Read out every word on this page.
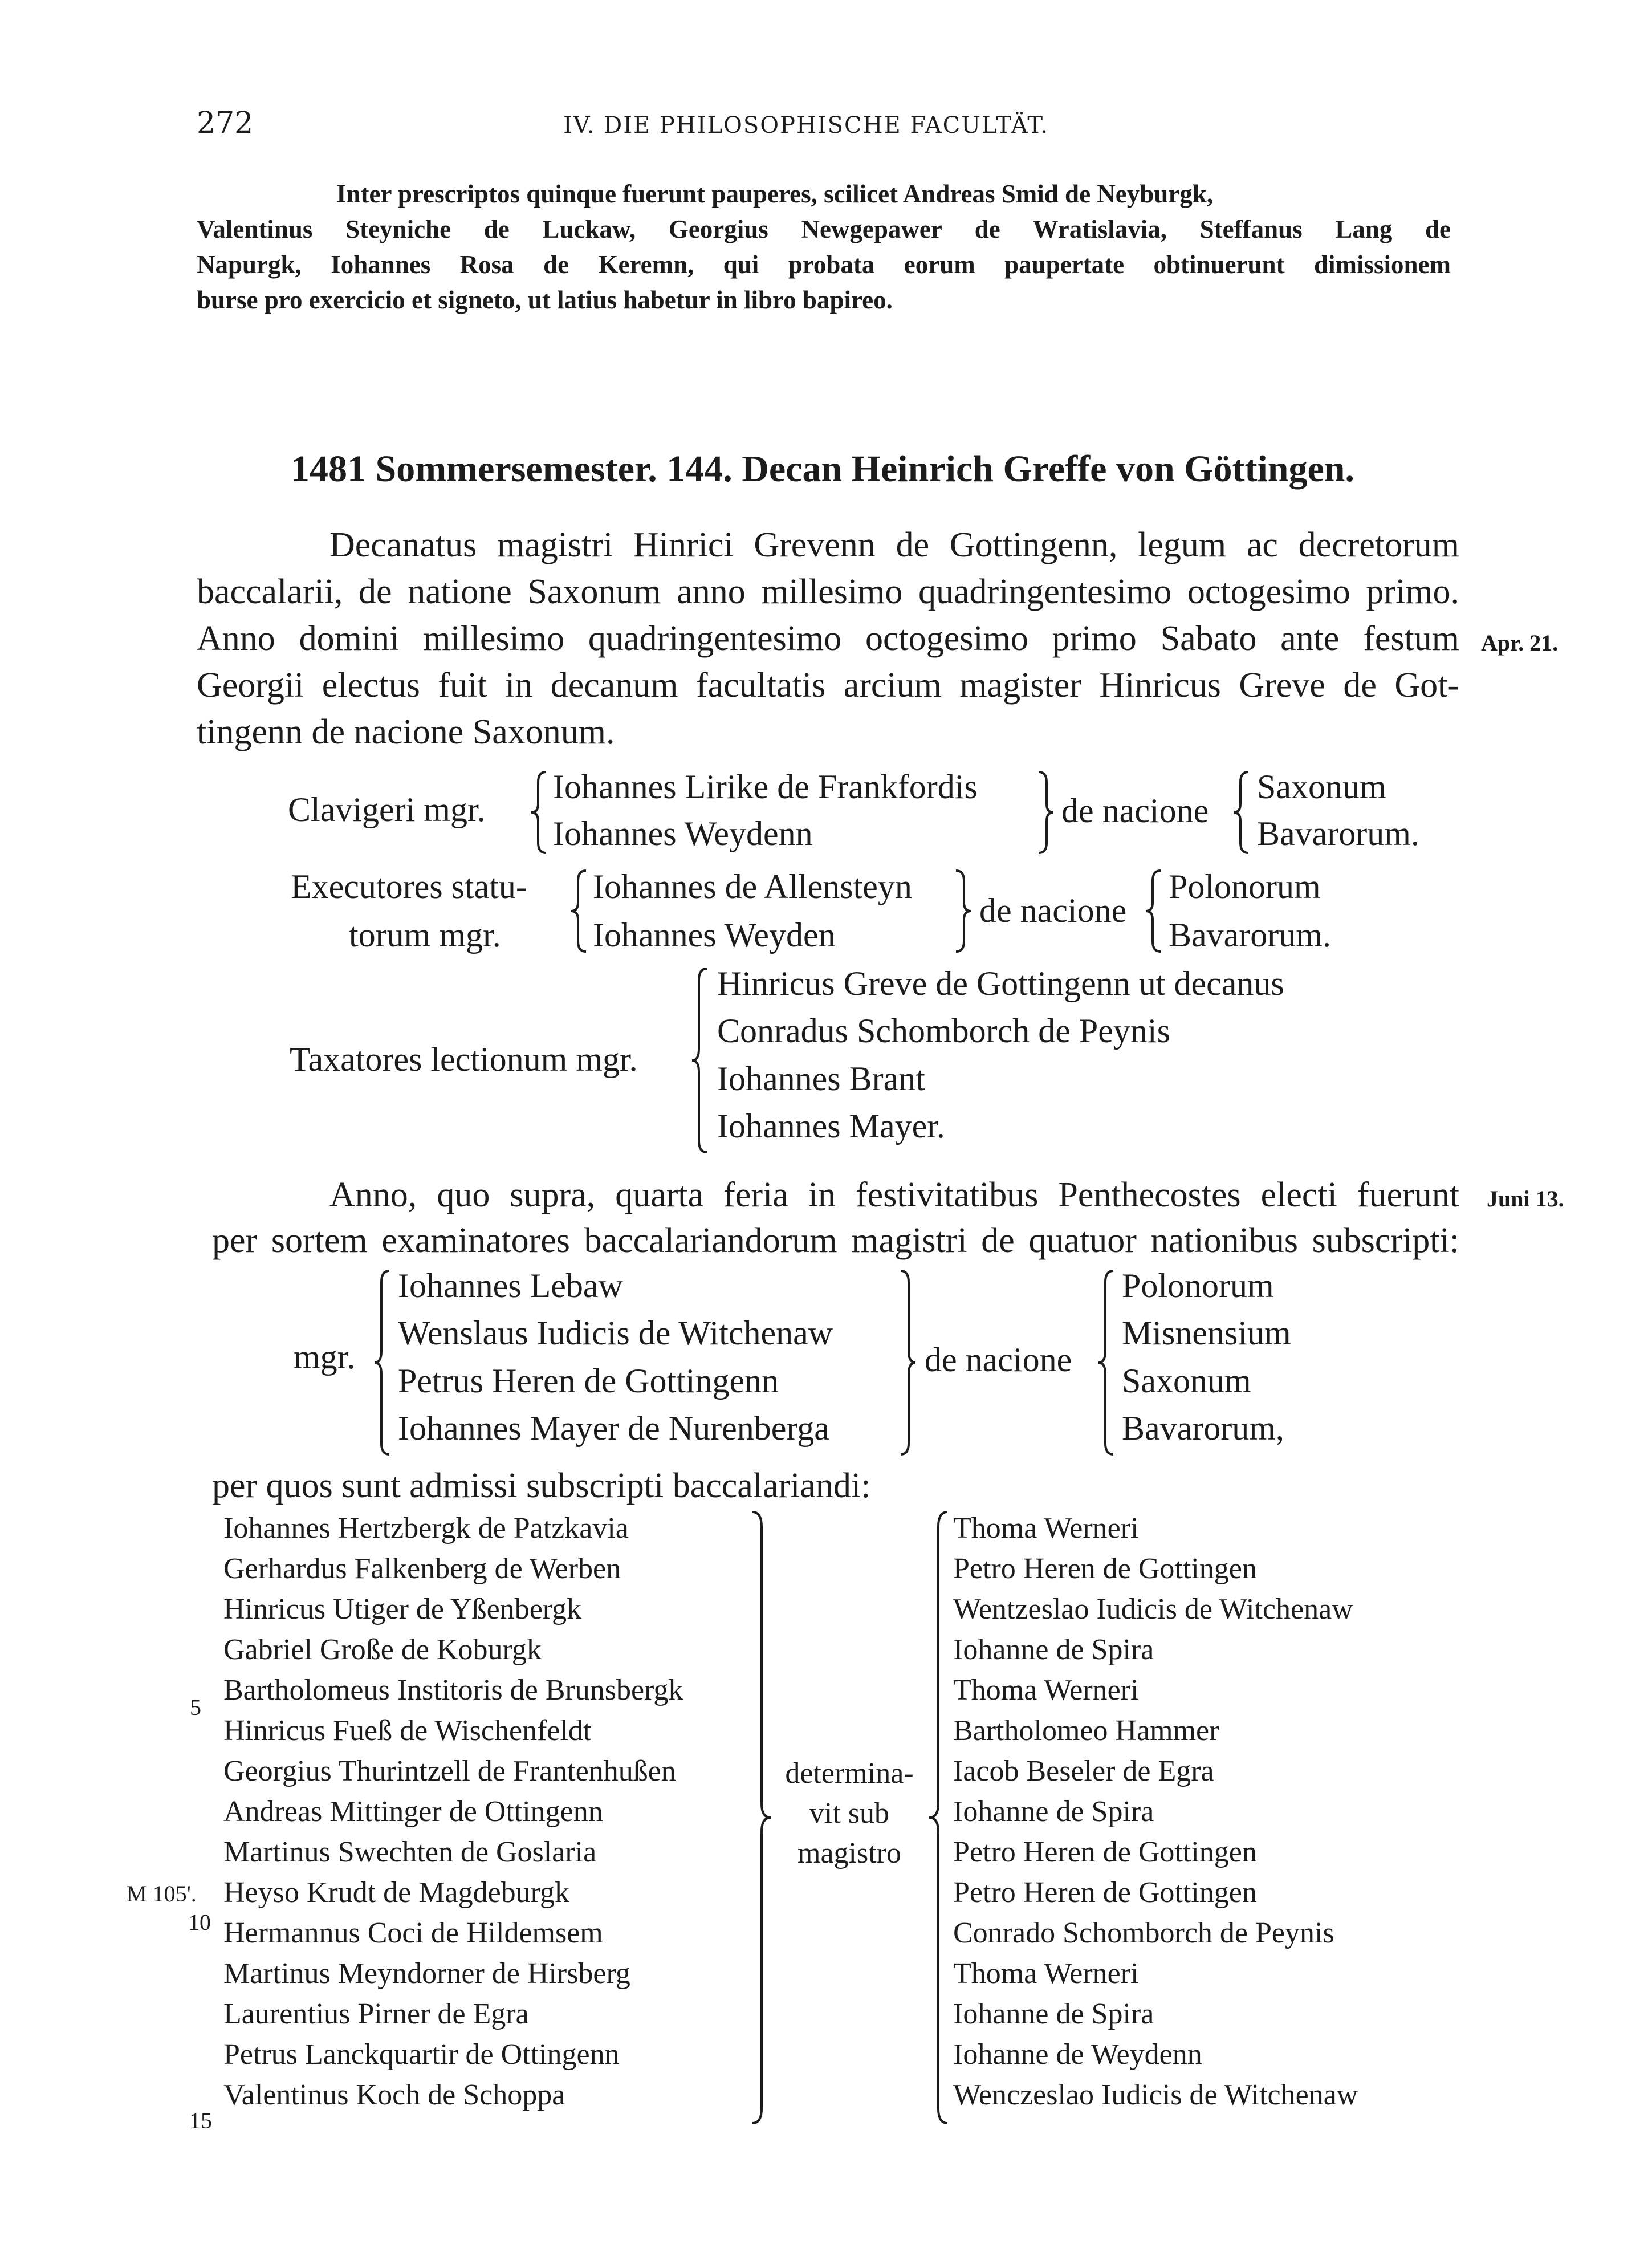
272	IV. DIE PHILOSOPHISCHE FACULTÄT.
Inter prescriptos quinque fuerunt pauperes, scilicet Andreas Smid de Neyburgk,
Valentinus Steyniche de Luckaw, Georgius Newgepawer de Wratislavia, Steffanus Lang de
Napurgk, Iohannes Rosa de Keremn, qui probata eorum paupertate obtinuerunt dimissionem
burse pro exercicio et signeto, ut latius habetur in libro bapireo.
1481 Sommersemester. 144. Decan Heinrich Greffe von Göttingen.
Decanatus magistri Hinrici Grevenn de Gottingenn, legum ac decretorum
baccalarii, de natione Saxonum anno millesimo quadringentesimo octogesimo primo.
Anno domini millesimo quadringentesimo octogesimo primo Sabato ante festum
Georgii electus fuit in decanum facultatis arcium magister Hinricus Greve de Got-
tingenn de nacione Saxonum.
Apr. 21.
Clavigeri mgr.
Iohannes Lirike de Frankfordis
Iohannes Weydenn
de nacione
Saxonum
Bavarorum.
Executores statu-
torum mgr.
Iohannes de Allensteyn
Iohannes Weyden
de nacione
Polonorum
Bavarorum.
Taxatores lectionum mgr.
Hinricus Greve de Gottingenn ut decanus
Conradus Schomborch de Peynis
Iohannes Brant
Iohannes Mayer.
Anno, quo supra, quarta feria in festivitatibus Penthecostes electi fuerunt
per sortem examinatores baccalariandorum magistri de quatuor nationibus subscripti:
Juni 13.
mgr.
Iohannes Lebaw
Wenslaus Iudicis de Witchenaw
Petrus Heren de Gottingenn
Iohannes Mayer de Nurenberga
de nacione
Polonorum
Misnensium
Saxonum
Bavarorum,
per quos sunt admissi subscripti baccalariandi:
Iohannes Hertzbergk de Patzkavia
Gerhardus Falkenberg de Werben
Hinricus Utiger de Yßenbergk
Gabriel Große de Koburgk
Bartholomeus Institoris de Brunsbergk
Hinricus Fueß de Wischenfeldt
Georgius Thurintzell de Frantenhußen
Andreas Mittinger de Ottingenn
Martinus Swechten de Goslaria
Heyso Krudt de Magdeburgk
Hermannus Coci de Hildemsem
Martinus Meyndorner de Hirsberg
Laurentius Pirner de Egra
Petrus Lanckquartir de Ottingenn
Valentinus Koch de Schoppa
Thoma Werneri
Petro Heren de Gottingen
Wentzeslao Iudicis de Witchenaw
Iohanne de Spira
Thoma Werneri
Bartholomeo Hammer
Iacob Beseler de Egra
Iohanne de Spira
Petro Heren de Gottingen
Petro Heren de Gottingen
Conrado Schomborch de Peynis
Thoma Werneri
Iohanne de Spira
Iohanne de Weydenn
Wenczeslao Iudicis de Witchenaw
5
10
15
M 105'.
determina-
vit sub
magistro
